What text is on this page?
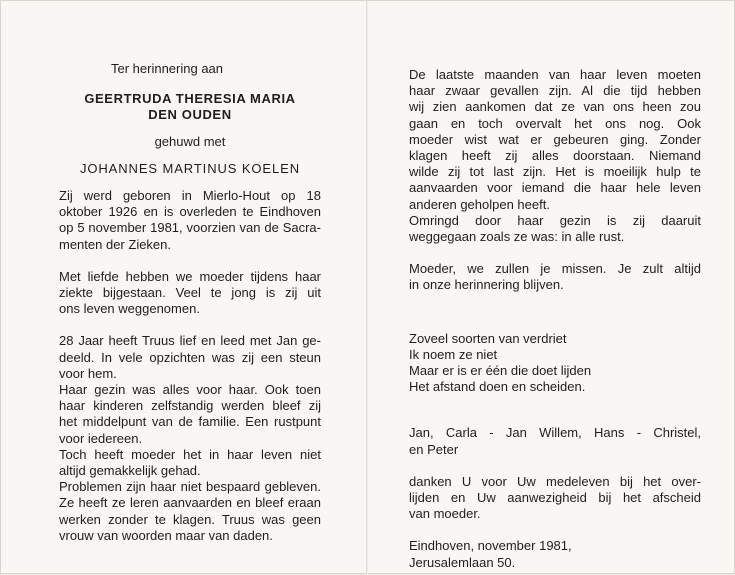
Ter herinnering aan
GEERTRUDA THERESIA MARIA
DEN OUDEN
gehuwd met
JOHANNES MARTINUS KOELEN
Zij werd geboren in Mierlo-Hout op 18
oktober 1926 en is overleden te Eindhoven
op 5 november 1981, voorzien van de Sacra-
menten der Zieken.
Met liefde hebben we moeder tijdens haar
ziekte bijgestaan. Veel te jong is zij uit
ons leven weggenomen.
28 Jaar heeft Truus lief en leed met Jan ge-
deeld. In vele opzichten was zij een steun
voor hem.
Haar gezin was alles voor haar. Ook toen
haar kinderen zelfstandig werden bleef zij
het middelpunt van de familie. Een rustpunt
voor iedereen.
Toch heeft moeder het in haar leven niet
altijd gemakkelijk gehad.
Problemen zijn haar niet bespaard gebleven.
Ze heeft ze leren aanvaarden en bleef eraan
werken zonder te klagen. Truus was geen
vrouw van woorden maar van daden.
De laatste maanden van haar leven moeten
haar zwaar gevallen zijn. Al die tijd hebben
wij zien aankomen dat ze van ons heen zou
gaan en toch overvalt het ons nog. Ook
moeder wist wat er gebeuren ging. Zonder
klagen heeft zij alles doorstaan. Niemand
wilde zij tot last zijn. Het is moeilijk hulp te
aanvaarden voor iemand die haar hele leven
anderen geholpen heeft.
Omringd door haar gezin is zij daaruit
weggegaan zoals ze was: in alle rust.
Moeder, we zullen je missen. Je zult altijd
in onze herinnering blijven.
Zoveel soorten van verdriet
Ik noem ze niet
Maar er is er één die doet lijden
Het afstand doen en scheiden.
Jan, Carla - Jan Willem, Hans - Christel,
en Peter
danken U voor Uw medeleven bij het over-
lijden en Uw aanwezigheid bij het afscheid
van moeder.
Eindhoven, november 1981,
Jerusalemlaan 50.
